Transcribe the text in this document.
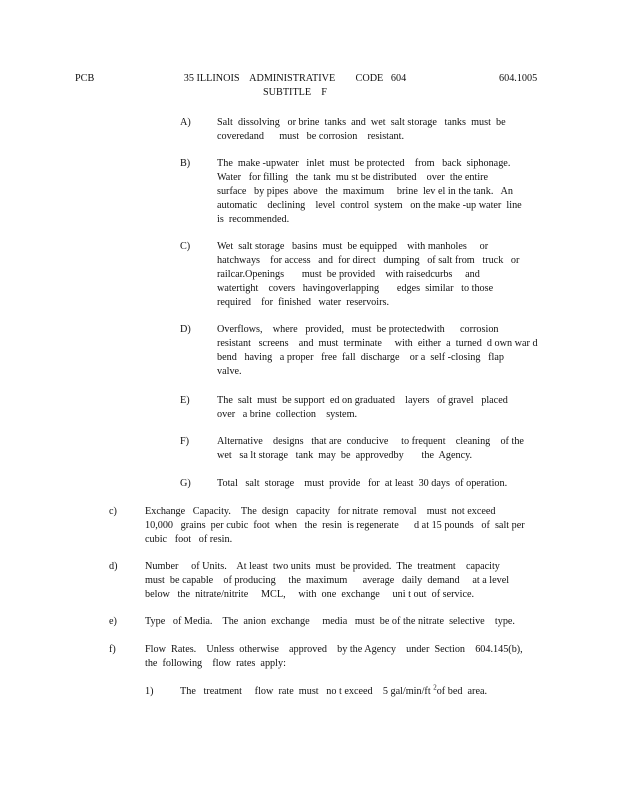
PCB	35 ILLINOIS    ADMINISTRATIVE        CODE   604
SUBTITLE    F
604.1005
A)	Salt  dissolving   or brine  tanks  and  wet  salt storage   tanks  must  be
coveredand      must   be corrosion    resistant.
B)	The  make -upwater   inlet  must  be protected    from   back  siphonage.
Water   for filling   the  tank  mu st be distributed    over  the entire
surface   by pipes  above   the  maximum     brine  lev el in the tank.   An
automatic    declining    level  control  system   on the make -up water  line
is  recommended.
C)	Wet  salt storage   basins  must  be equipped    with manholes     or
hatchways    for access   and  for direct   dumping   of salt from   truck   or
railcar.Openings       must  be provided    with raisedcurbs     and
watertight    covers   havingoverlapping       edges  similar   to those
required    for  finished   water  reservoirs.
D)	Overflows,    where   provided,   must  be protectedwith      corrosion
resistant   screens    and  must  terminate     with  either  a  turned  d own war d
bend   having   a proper   free  fall  discharge    or a  self -closing   flap
valve.
E)	The  salt  must  be support  ed on graduated    layers   of gravel   placed
over   a brine  collection    system.
F)	Alternative    designs   that are  conducive     to frequent    cleaning    of the
wet   sa lt storage   tank  may  be  approvedby       the  Agency.
G)	Total   salt  storage    must  provide   for  at least  30 days  of operation.
c)	Exchange   Capacity.    The  design   capacity   for nitrate  removal    must  not exceed
10,000   grains  per cubic  foot  when   the  resin  is regenerate      d at 15 pounds   of  salt per
cubic   foot   of resin.
d)	Number     of Units.    At least  two units  must  be provided.  The  treatment    capacity
must  be capable    of producing     the  maximum      average   daily  demand     at a level
below   the  nitrate/nitrite     MCL,     with  one  exchange     uni t out  of service.
e)	Type   of Media.    The  anion  exchange     media   must  be of the nitrate  selective    type.
f)	Flow  Rates.    Unless  otherwise    approved    by the Agency    under  Section    604.145(b),
the  following    flow  rates  apply:
1)	The   treatment     flow  rate  must   no t exceed    5 gal/min/ft $^2$of bed  area.
